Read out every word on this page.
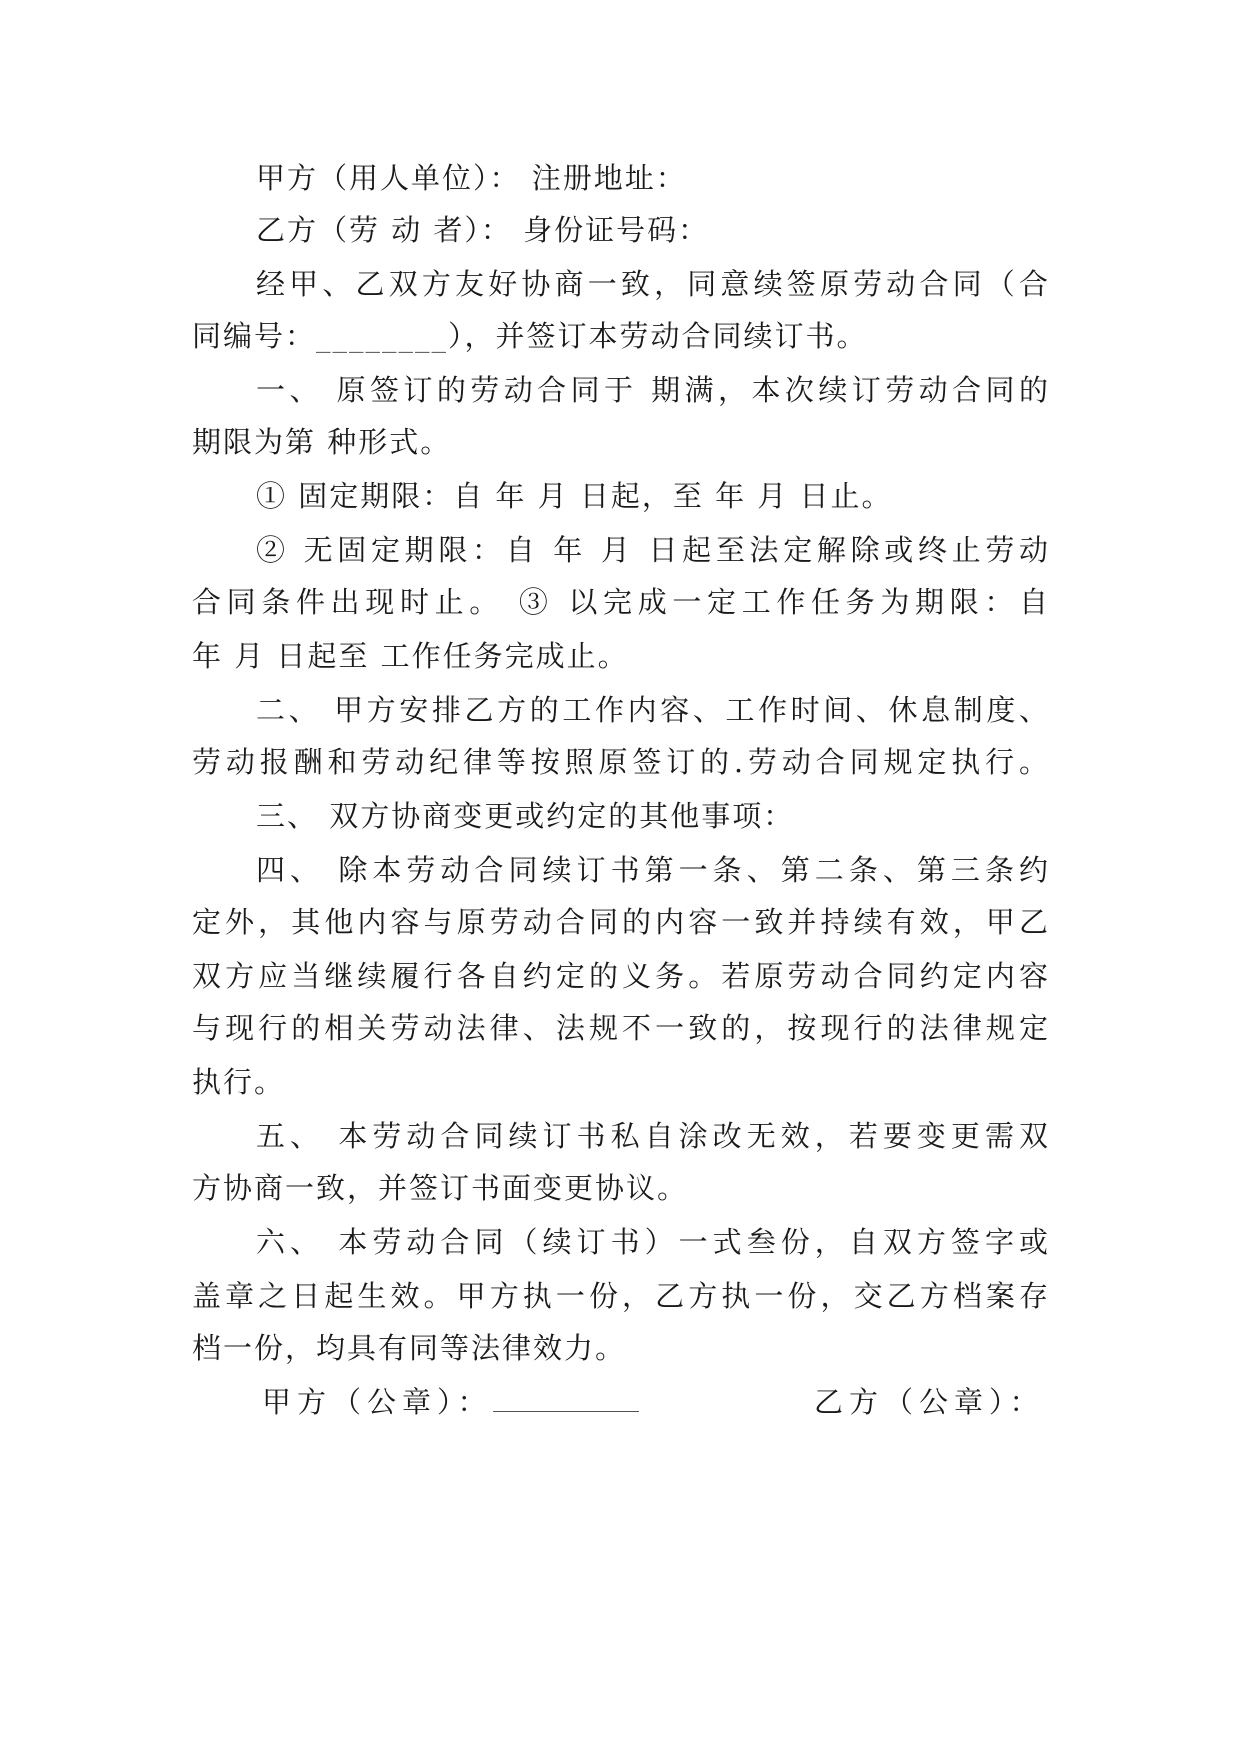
甲方（用人单位）： 注册地址：
乙方（劳 动 者）： 身份证号码：
经甲、乙双方友好协商一致，同意续签原劳动合同（合
同编号：________），并签订本劳动合同续订书。
一、 原签订的劳动合同于 期满，本次续订劳动合同的
期限为第 种形式。
① 固定期限：自 年 月 日起，至 年 月 日止。
② 无固定期限：自 年 月 日起至法定解除或终止劳动
合同条件出现时止。 ③ 以完成一定工作任务为期限：自
年 月 日起至 工作任务完成止。
二、 甲方安排乙方的工作内容、工作时间、休息制度、
劳动报酬和劳动纪律等按照原签订的.劳动合同规定执行。
三、 双方协商变更或约定的其他事项：
四、 除本劳动合同续订书第一条、第二条、第三条约
定外，其他内容与原劳动合同的内容一致并持续有效，甲乙
双方应当继续履行各自约定的义务。若原劳动合同约定内容
与现行的相关劳动法律、法规不一致的，按现行的法律规定
执行。
五、 本劳动合同续订书私自涂改无效，若要变更需双
方协商一致，并签订书面变更协议。
六、 本劳动合同（续订书）一式叁份，自双方签字或
盖章之日起生效。甲方执一份，乙方执一份，交乙方档案存
档一份，均具有同等法律效力。
甲方（公章）：	乙方（公章）：
